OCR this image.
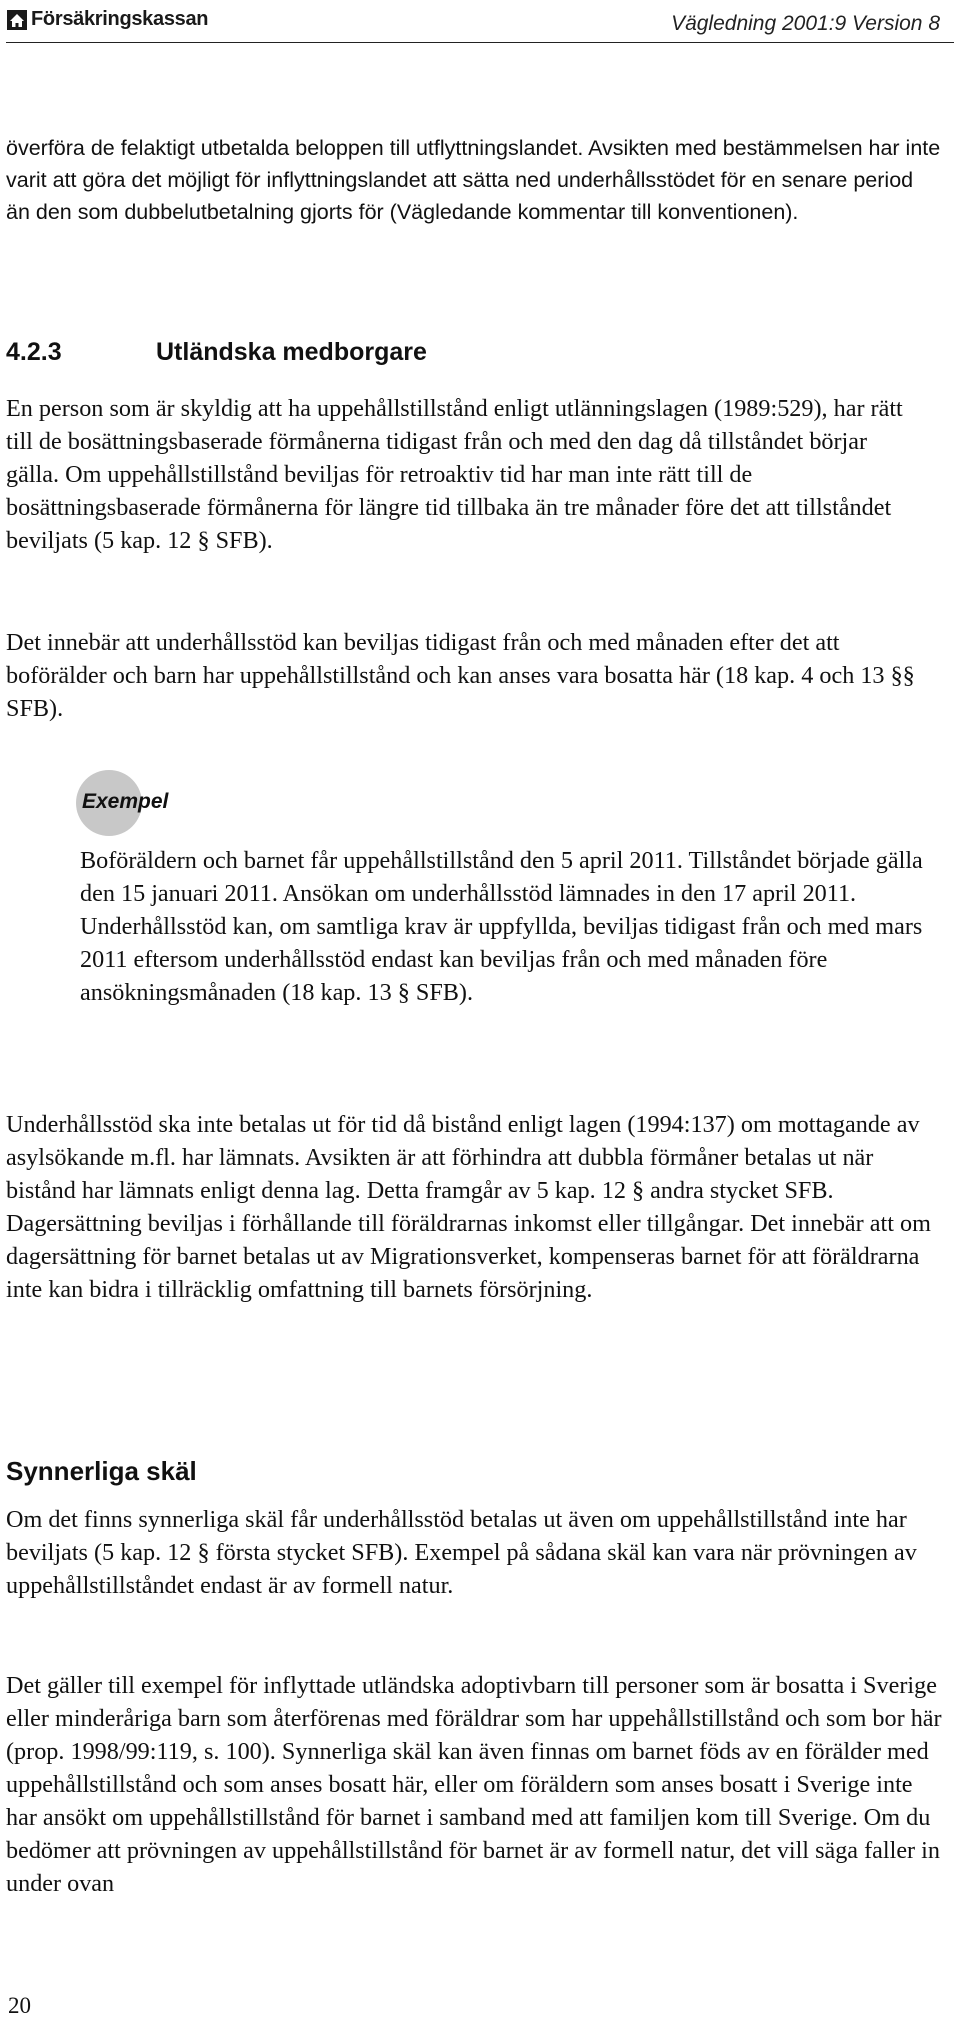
Försäkringskassan	Vägledning 2001:9 Version 8

överföra de felaktigt utbetalda beloppen till utflyttningslandet. Avsikten med bestämmelsen har inte varit att göra det möjligt för inflyttningslandet att sätta ned underhållsstödet för en senare period än den som dubbelutbetalning gjorts för (Vägledande kommentar till konventionen).

4.2.3	Utländska medborgare

En person som är skyldig att ha uppehållstillstånd enligt utlänningslagen (1989:529), har rätt till de bosättningsbaserade förmånerna tidigast från och med den dag då tillståndet börjar gälla. Om uppehållstillstånd beviljas för retroaktiv tid har man inte rätt till de bosättningsbaserade förmånerna för längre tid tillbaka än tre månader före det att tillståndet beviljats (5 kap. 12 § SFB).

Det innebär att underhållsstöd kan beviljas tidigast från och med månaden efter det att boförälder och barn har uppehållstillstånd och kan anses vara bosatta här (18 kap. 4 och 13 §§ SFB).

Exempel

Boföräldern och barnet får uppehållstillstånd den 5 april 2011. Tillståndet började gälla den 15 januari 2011. Ansökan om underhållsstöd lämnades in den 17 april 2011. Underhållsstöd kan, om samtliga krav är uppfyllda, beviljas tidigast från och med mars 2011 eftersom underhållsstöd endast kan beviljas från och med månaden före ansökningsmånaden (18 kap. 13 § SFB).

Underhållsstöd ska inte betalas ut för tid då bistånd enligt lagen (1994:137) om mottagande av asylsökande m.fl. har lämnats. Avsikten är att förhindra att dubbla förmåner betalas ut när bistånd har lämnats enligt denna lag. Detta framgår av 5 kap. 12 § andra stycket SFB. Dagersättning beviljas i förhållande till föräldrarnas inkomst eller tillgångar. Det innebär att om dagersättning för barnet betalas ut av Migrationsverket, kompenseras barnet för att föräldrarna inte kan bidra i tillräcklig omfattning till barnets försörjning.

Synnerliga skäl

Om det finns synnerliga skäl får underhållsstöd betalas ut även om uppehållstillstånd inte har beviljats (5 kap. 12 § första stycket SFB). Exempel på sådana skäl kan vara när prövningen av uppehållstillståndet endast är av formell natur.

Det gäller till exempel för inflyttade utländska adoptivbarn till personer som är bosatta i Sverige eller minderåriga barn som återförenas med föräldrar som har uppehållstillstånd och som bor här (prop. 1998/99:119, s. 100). Synnerliga skäl kan även finnas om barnet föds av en förälder med uppehållstillstånd och som anses bosatt här, eller om föräldern som anses bosatt i Sverige inte har ansökt om uppehållstillstånd för barnet i samband med att familjen kom till Sverige. Om du bedömer att prövningen av uppehållstillstånd för barnet är av formell natur, det vill säga faller in under ovan

20
